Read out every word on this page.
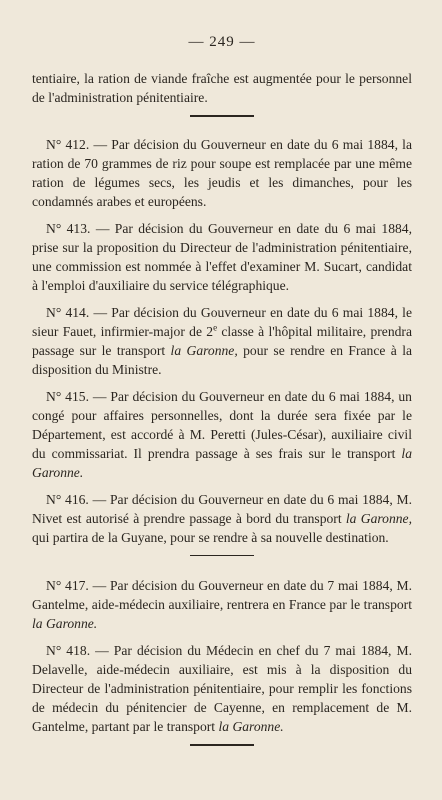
— 249 —

tentiaire, la ration de viande fraîche est augmentée pour le personnel de l'administration pénitentiaire.

N° 412. — Par décision du Gouverneur en date du 6 mai 1884, la ration de 70 grammes de riz pour soupe est remplacée par une même ration de légumes secs, les jeudis et les dimanches, pour les condamnés arabes et européens.

N° 413. — Par décision du Gouverneur en date du 6 mai 1884, prise sur la proposition du Directeur de l'administration pénitentiaire, une commission est nommée à l'effet d'examiner M. Sucart, candidat à l'emploi d'auxiliaire du service télégraphique.

N° 414. — Par décision du Gouverneur en date du 6 mai 1884, le sieur Fauet, infirmier-major de 2e classe à l'hôpital militaire, prendra passage sur le transport la Garonne, pour se rendre en France à la disposition du Ministre.

N° 415. — Par décision du Gouverneur en date du 6 mai 1884, un congé pour affaires personnelles, dont la durée sera fixée par le Département, est accordé à M. Peretti (Jules-César), auxiliaire civil du commissariat. Il prendra passage à ses frais sur le transport la Garonne.

N° 416. — Par décision du Gouverneur en date du 6 mai 1884, M. Nivet est autorisé à prendre passage à bord du transport la Garonne, qui partira de la Guyane, pour se rendre à sa nouvelle destination.

N° 417. — Par décision du Gouverneur en date du 7 mai 1884, M. Gantelme, aide-médecin auxiliaire, rentrera en France par le transport la Garonne.

N° 418. — Par décision du Médecin en chef du 7 mai 1884, M. Delavelle, aide-médecin auxiliaire, est mis à la disposition du Directeur de l'administration pénitentiaire, pour remplir les fonctions de médecin du pénitencier de Cayenne, en remplacement de M. Gantelme, partant par le transport la Garonne.
